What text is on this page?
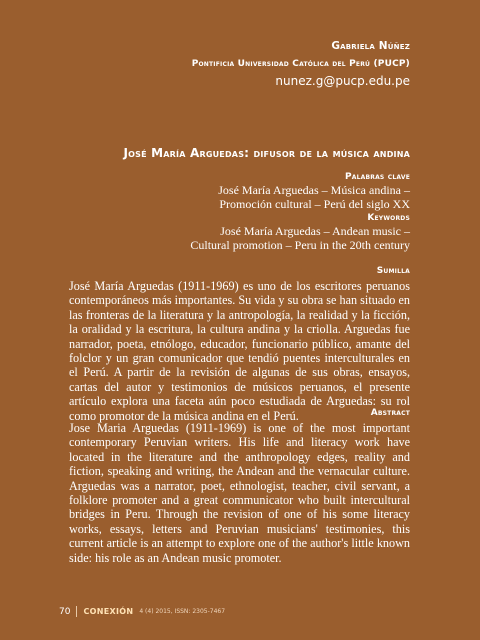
Gabriela Núñez
Pontificia Universidad Católica del Perú (PUCP)
nunez.g@pucp.edu.pe
José María Arguedas: difusor de la música andina
Palabras clave
José María Arguedas – Música andina –
Promoción cultural – Perú del siglo XX
Keywords
José María Arguedas – Andean music –
Cultural promotion – Peru in the 20th century
Sumilla

José María Arguedas (1911-1969) es uno de los escritores peruanos contemporáneos más importantes. Su vida y su obra se han situado en las fronteras de la literatura y la antropología, la realidad y la ficción, la oralidad y la escritura, la cultura andina y la criolla. Arguedas fue narrador, poeta, etnólogo, educador, funcionario público, amante del folclor y un gran comunicador que tendió puentes interculturales en el Perú. A partir de la revisión de algunas de sus obras, ensayos, cartas del autor y testimonios de músicos peruanos, el presente artículo explora una faceta aún poco estudiada de Arguedas: su rol como promotor de la música andina en el Perú.	Abstract

Jose Maria Arguedas (1911-1969) is one of the most important contemporary Peruvian writers. His life and literacy work have located in the literature and the anthropology edges, reality and fiction, speaking and writing, the Andean and the vernacular culture. Arguedas was a narrator, poet, ethnologist, teacher, civil servant, a folklore promoter and a great communicator who built intercultural bridges in Peru. Through the revision of one of his some literacy works, essays, letters and Peruvian musicians' testimonies, this current article is an attempt to explore one of the author's little known side: his role as an Andean music promoter.

70 CONEXIÓN 4 (4) 2015, ISSN: 2305-7467
